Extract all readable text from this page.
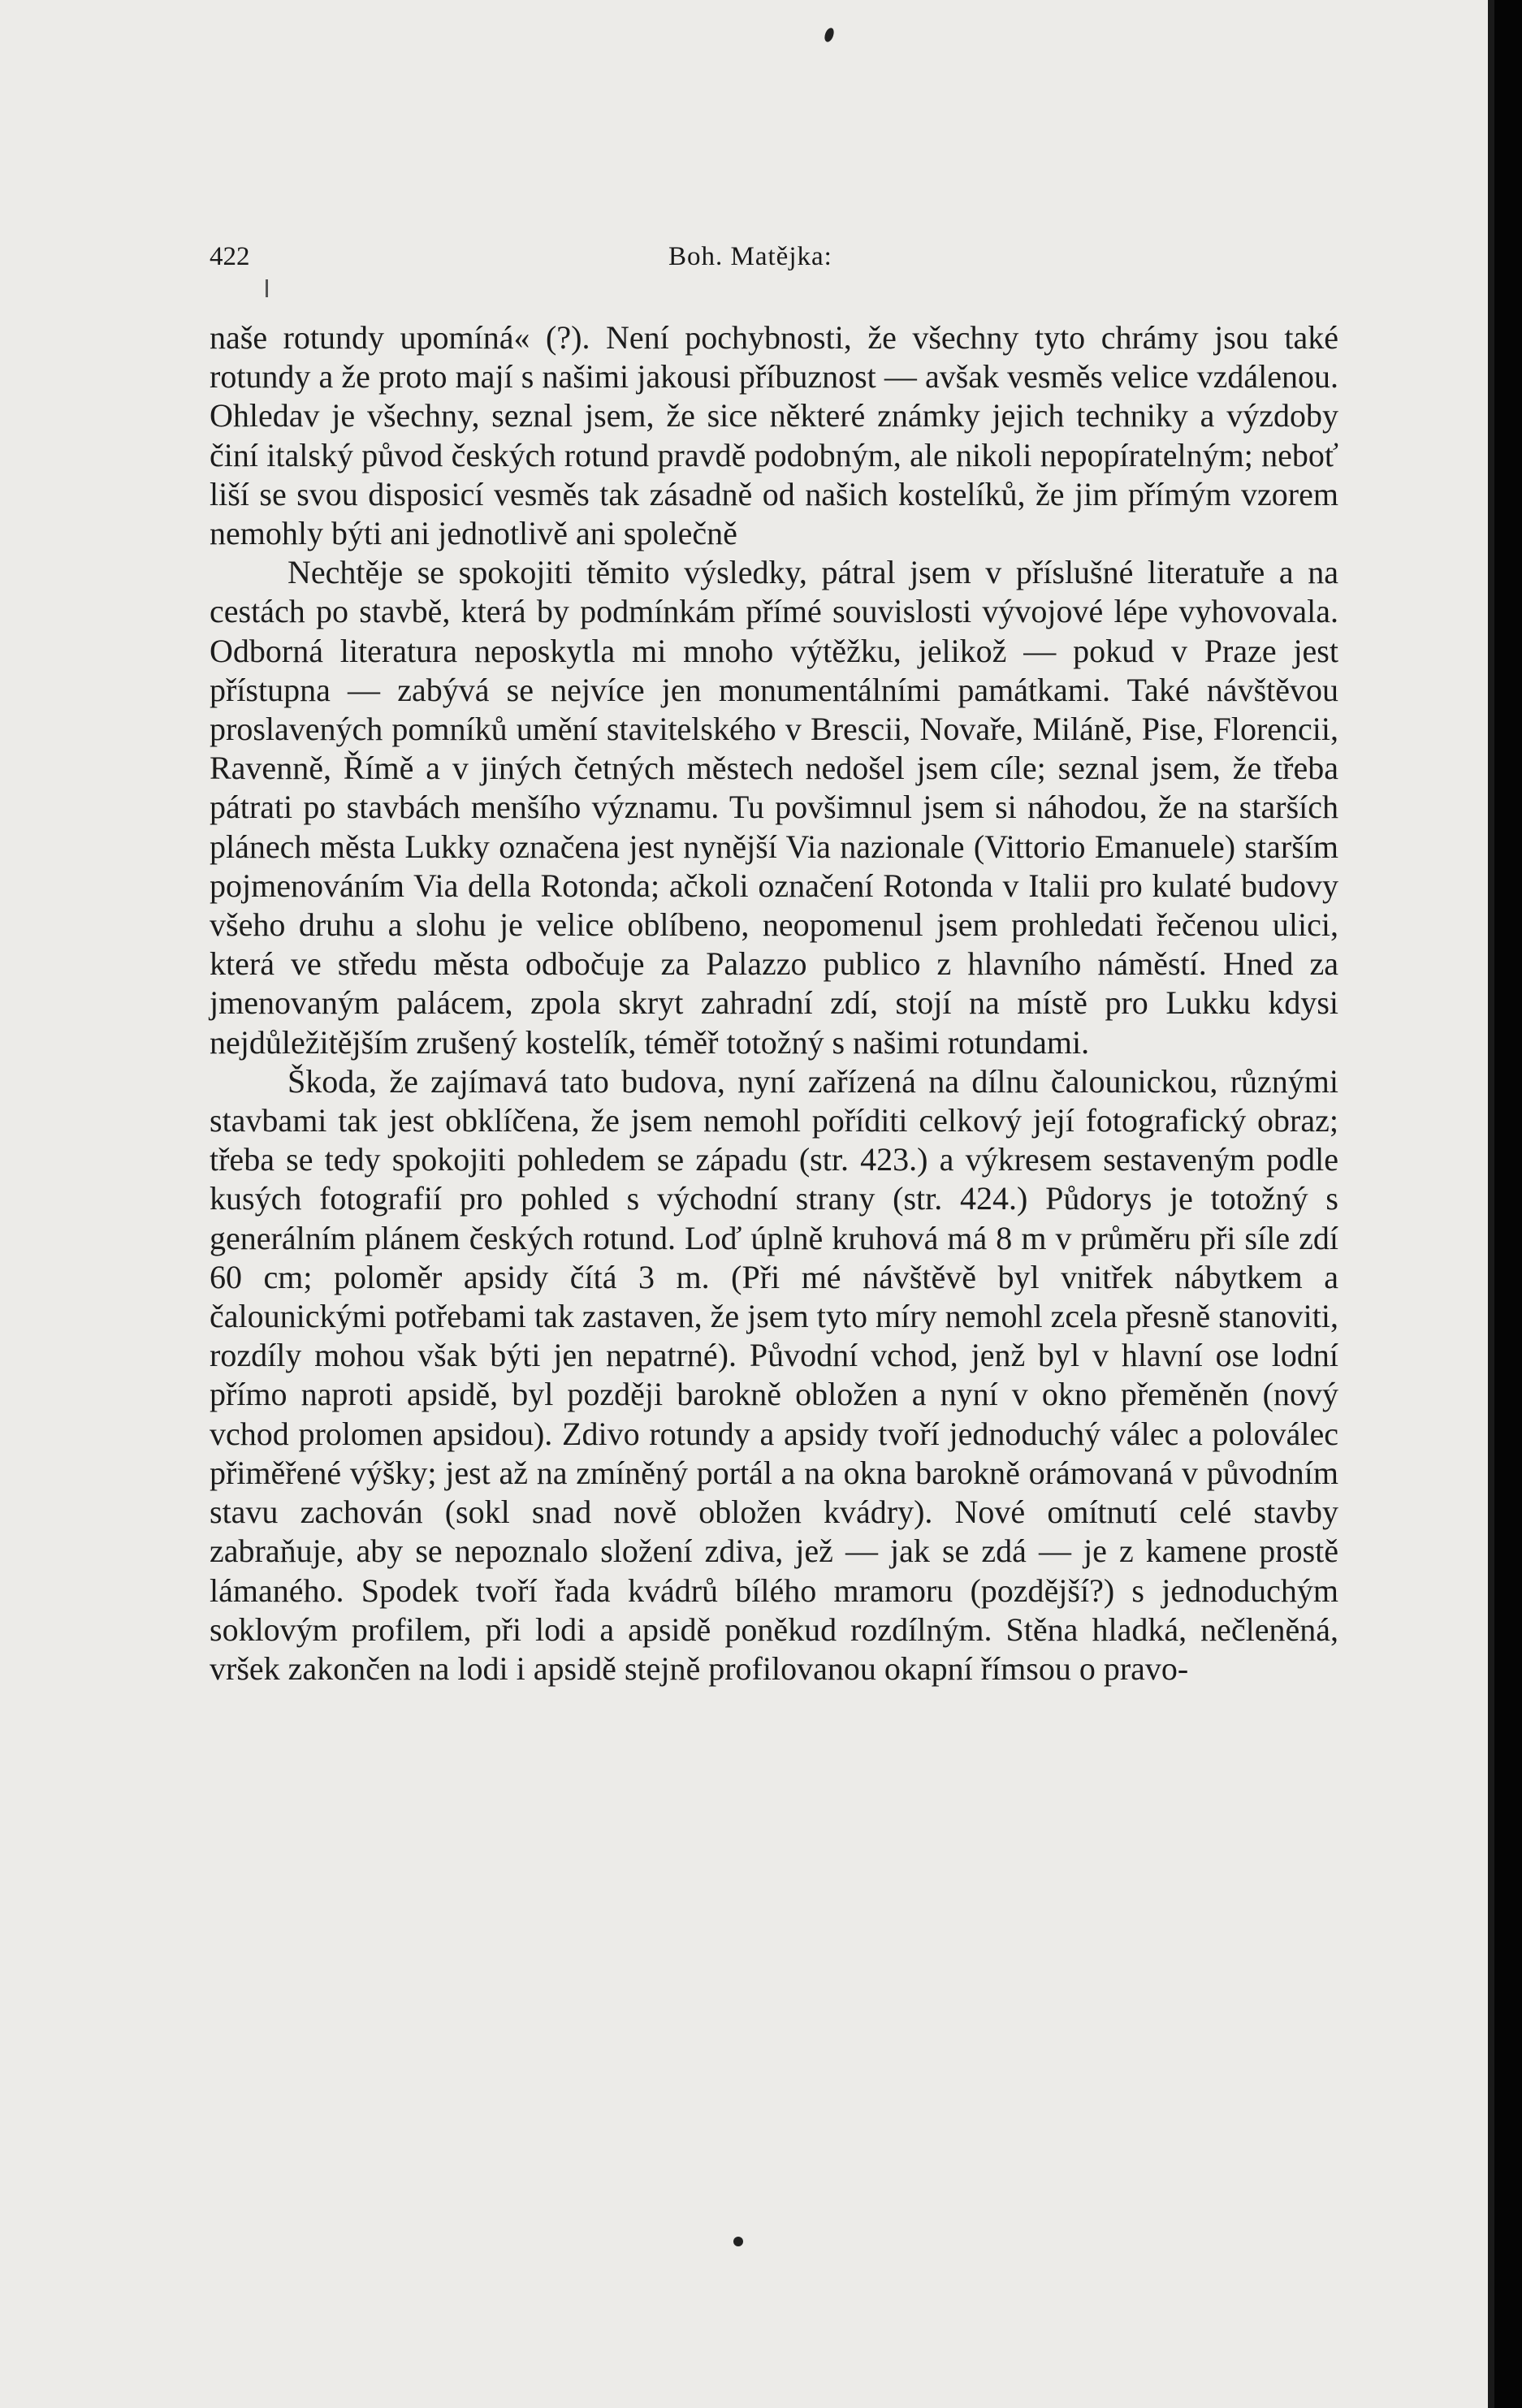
422	Boh. Matějka:

naše rotundy upomíná« (?). Není pochybnosti, že všechny tyto chrámy jsou také rotundy a že proto mají s našimi jakousi příbuznost — avšak vesměs velice vzdálenou. Ohledav je všechny, seznal jsem, že sice některé známky jejich techniky a výzdoby činí italský původ českých rotund pravdě podobným, ale nikoli nepopíratelným; neboť liší se svou disposicí vesměs tak zásadně od našich kostelíků, že jim přímým vzorem nemohly býti ani jednotlivě ani společně

Nechtěje se spokojiti těmito výsledky, pátral jsem v příslušné literatuře a na cestách po stavbě, která by podmínkám přímé souvislosti vývojové lépe vyhovovala. Odborná literatura neposkytla mi mnoho výtěžku, jelikož — pokud v Praze jest přístupna — zabývá se nejvíce jen monumentálními památkami. Také návštěvou proslavených pomníků umění stavitelského v Brescii, Novaře, Miláně, Pise, Florencii, Ravenně, Římě a v jiných četných městech nedošel jsem cíle; seznal jsem, že třeba pátrati po stavbách menšího významu. Tu povšimnul jsem si náhodou, že na starších plánech města Lukky označena jest nynější Via nazionale (Vittorio Emanuele) starším pojmenováním Via della Rotonda; ačkoli označení Rotonda v Italii pro kulaté budovy všeho druhu a slohu je velice oblíbeno, neopomenul jsem prohledati řečenou ulici, která ve středu města odbočuje za Palazzo publico z hlavního náměstí. Hned za jmenovaným palácem, zpola skryt zahradní zdí, stojí na místě pro Lukku kdysi nejdůležitějším zrušený kostelík, téměř totožný s našimi rotundami.

Škoda, že zajímavá tato budova, nyní zařízená na dílnu čalounickou, různými stavbami tak jest obklíčena, že jsem nemohl poříditi celkový její fotografický obraz; třeba se tedy spokojiti pohledem se západu (str. 423.) a výkresem sestaveným podle kusých fotografií pro pohled s východní strany (str. 424.) Půdorys je totožný s generálním plánem českých rotund. Loď úplně kruhová má 8 m v průměru při síle zdí 60 cm; poloměr apsidy čítá 3 m. (Při mé návštěvě byl vnitřek nábytkem a čalounickými potřebami tak zastaven, že jsem tyto míry nemohl zcela přesně stanoviti, rozdíly mohou však býti jen nepatrné). Původní vchod, jenž byl v hlavní ose lodní přímo naproti apsidě, byl později barokně obložen a nyní v okno přeměněn (nový vchod prolomen apsidou). Zdivo rotundy a apsidy tvoří jednoduchý válec a polováleс přiměřené výšky; jest až na zmíněný portál a na okna barokně orámovaná v původním stavu zachován (sokl snad nově obložen kvádry). Nové omítnutí celé stavby zabraňuje, aby se nepoznalo složení zdiva, jež — jak se zdá — je z kamene prostě lámaného. Spodek tvoří řada kvádrů bílého mramoru (pozdější?) s jednoduchým soklovým profilem, při lodi a apsidě poněkud rozdílným. Stěna hladká, nečleněná, vršek zakončen na lodi i apsidě stejně profilovanou okapní římsou o pravo-
